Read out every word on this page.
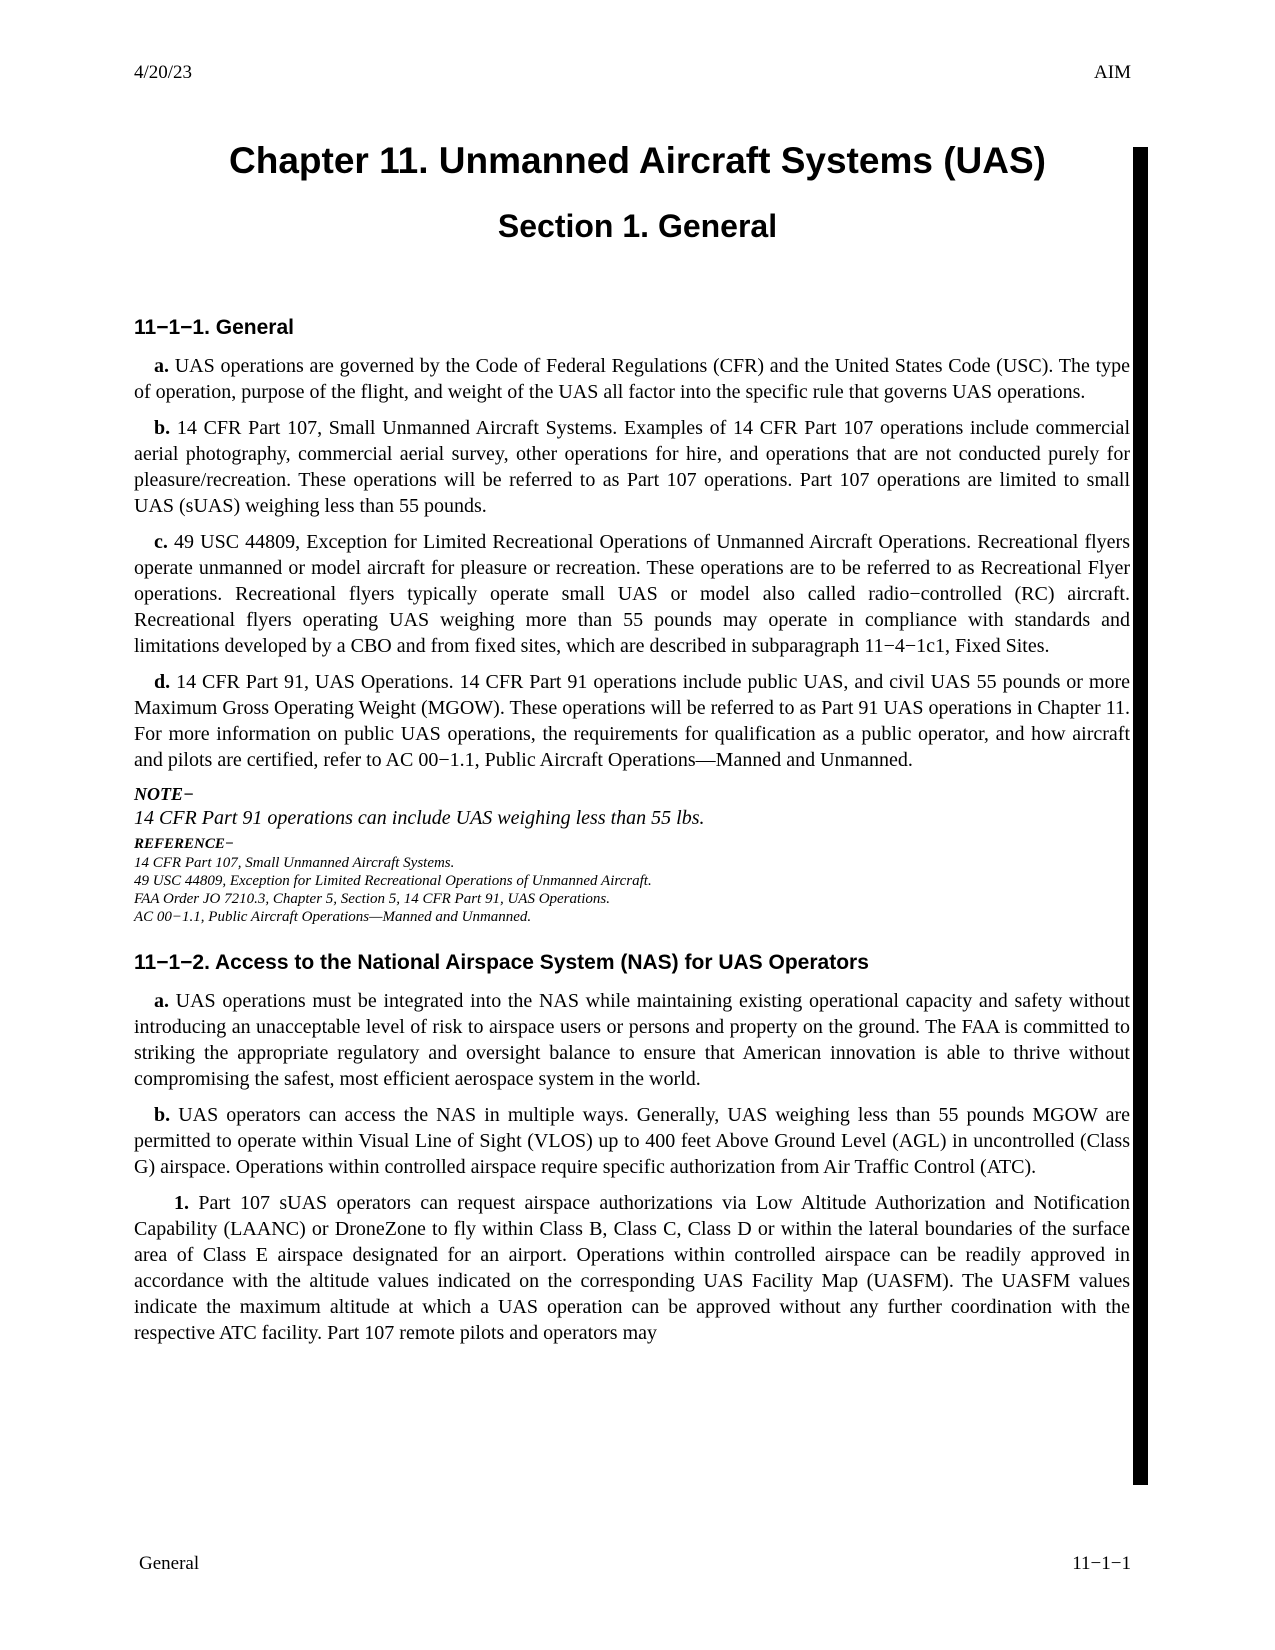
4/20/23	AIM
Chapter 11. Unmanned Aircraft Systems (UAS)
Section 1. General
11−1−1. General

a. UAS operations are governed by the Code of Federal Regulations (CFR) and the United States Code (USC). The type of operation, purpose of the flight, and weight of the UAS all factor into the specific rule that governs UAS operations.

b. 14 CFR Part 107, Small Unmanned Aircraft Systems. Examples of 14 CFR Part 107 operations include commercial aerial photography, commercial aerial survey, other operations for hire, and operations that are not conducted purely for pleasure/recreation. These operations will be referred to as Part 107 operations. Part 107 operations are limited to small UAS (sUAS) weighing less than 55 pounds.

c. 49 USC 44809, Exception for Limited Recreational Operations of Unmanned Aircraft Operations. Recreational flyers operate unmanned or model aircraft for pleasure or recreation. These operations are to be referred to as Recreational Flyer operations. Recreational flyers typically operate small UAS or model also called radio−controlled (RC) aircraft. Recreational flyers operating UAS weighing more than 55 pounds may operate in compliance with standards and limitations developed by a CBO and from fixed sites, which are described in subparagraph 11−4−1c1, Fixed Sites.

d. 14 CFR Part 91, UAS Operations. 14 CFR Part 91 operations include public UAS, and civil UAS 55 pounds or more Maximum Gross Operating Weight (MGOW). These operations will be referred to as Part 91 UAS operations in Chapter 11. For more information on public UAS operations, the requirements for qualification as a public operator, and how aircraft and pilots are certified, refer to AC 00−1.1, Public Aircraft Operations—Manned and Unmanned.

NOTE−
14 CFR Part 91 operations can include UAS weighing less than 55 lbs.
REFERENCE−
14 CFR Part 107, Small Unmanned Aircraft Systems.
49 USC 44809, Exception for Limited Recreational Operations of Unmanned Aircraft.
FAA Order JO 7210.3, Chapter 5, Section 5, 14 CFR Part 91, UAS Operations.
AC 00−1.1, Public Aircraft Operations—Manned and Unmanned.
11−1−2. Access to the National Airspace System (NAS) for UAS Operators

a. UAS operations must be integrated into the NAS while maintaining existing operational capacity and safety without introducing an unacceptable level of risk to airspace users or persons and property on the ground. The FAA is committed to striking the appropriate regulatory and oversight balance to ensure that American innovation is able to thrive without compromising the safest, most efficient aerospace system in the world.

b. UAS operators can access the NAS in multiple ways. Generally, UAS weighing less than 55 pounds MGOW are permitted to operate within Visual Line of Sight (VLOS) up to 400 feet Above Ground Level (AGL) in uncontrolled (Class G) airspace. Operations within controlled airspace require specific authorization from Air Traffic Control (ATC).

1. Part 107 sUAS operators can request airspace authorizations via Low Altitude Authorization and Notification Capability (LAANC) or DroneZone to fly within Class B, Class C, Class D or within the lateral boundaries of the surface area of Class E airspace designated for an airport. Operations within controlled airspace can be readily approved in accordance with the altitude values indicated on the corresponding UAS Facility Map (UASFM). The UASFM values indicate the maximum altitude at which a UAS operation can be approved without any further coordination with the respective ATC facility. Part 107 remote pilots and operators may

General	11−1−1
